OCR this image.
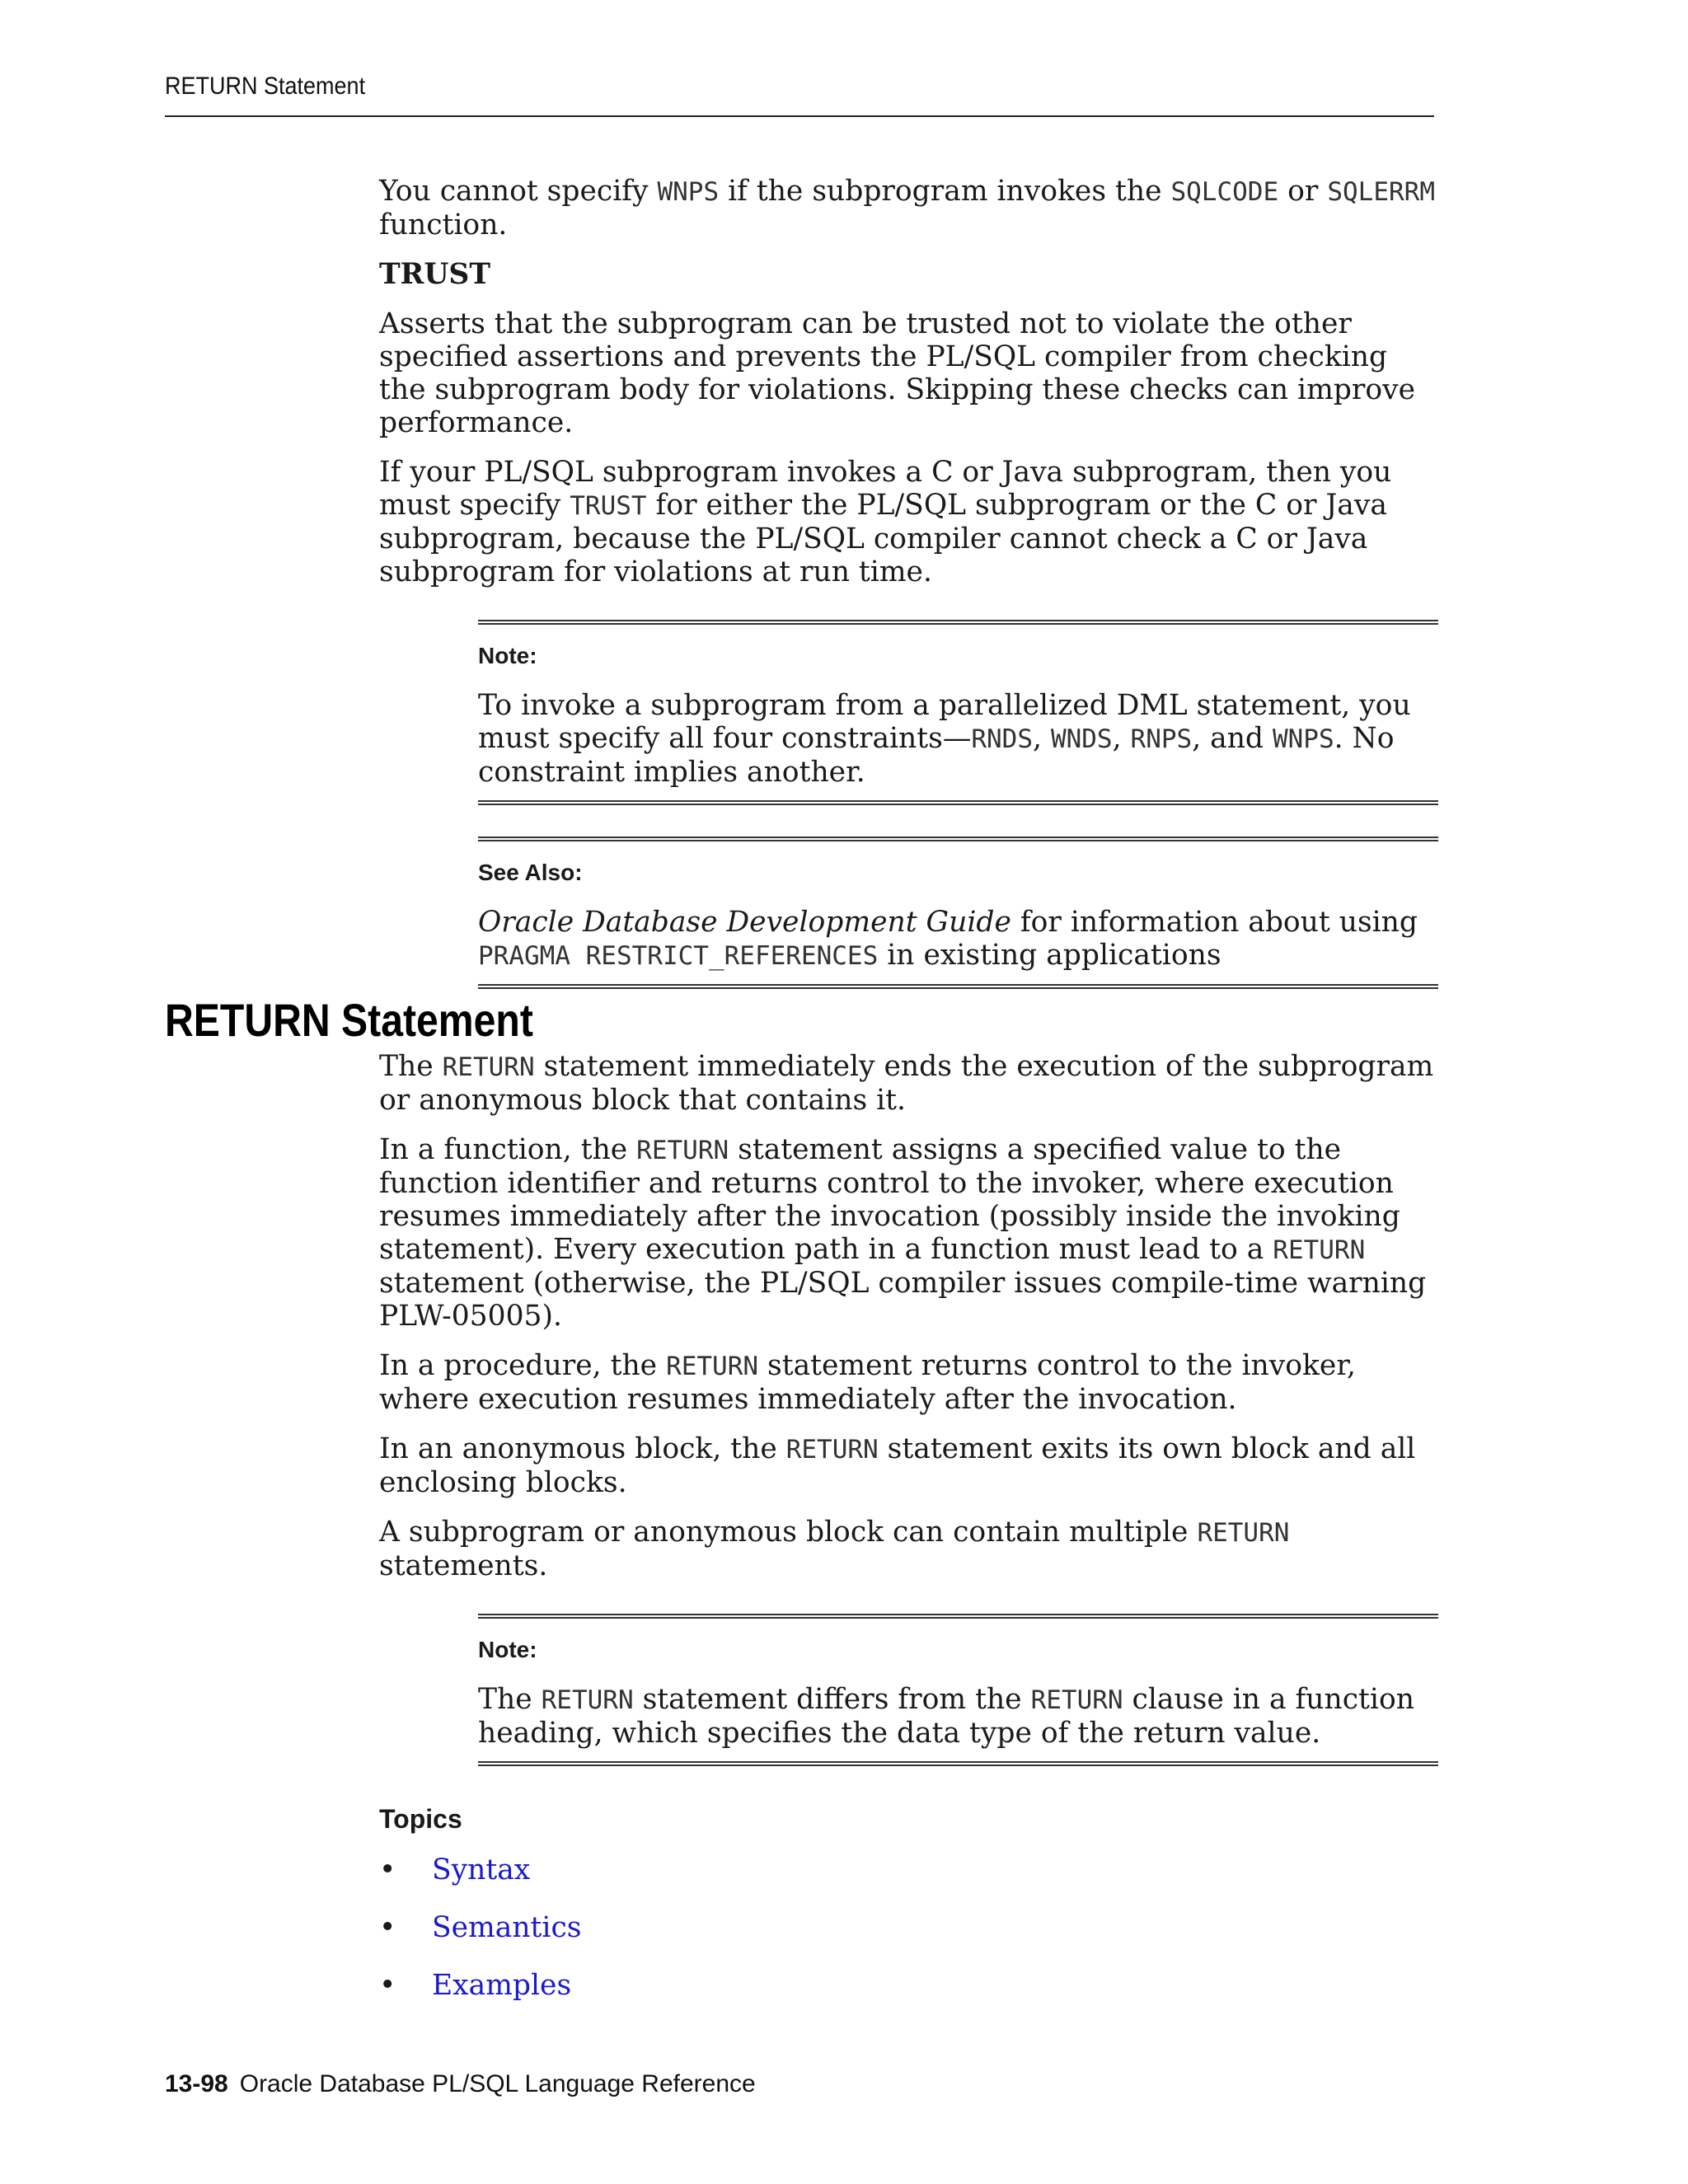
RETURN Statement

You cannot specify WNPS if the subprogram invokes the SQLCODE or SQLERRM function.

TRUST

Asserts that the subprogram can be trusted not to violate the other specified assertions and prevents the PL/SQL compiler from checking the subprogram body for violations. Skipping these checks can improve performance.

If your PL/SQL subprogram invokes a C or Java subprogram, then you must specify TRUST for either the PL/SQL subprogram or the C or Java subprogram, because the PL/SQL compiler cannot check a C or Java subprogram for violations at run time.

Note:

To invoke a subprogram from a parallelized DML statement, you must specify all four constraints—RNDS, WNDS, RNPS, and WNPS. No constraint implies another.

See Also:

Oracle Database Development Guide for information about using PRAGMA RESTRICT_REFERENCES in existing applications

RETURN Statement

The RETURN statement immediately ends the execution of the subprogram or anonymous block that contains it.

In a function, the RETURN statement assigns a specified value to the function identifier and returns control to the invoker, where execution resumes immediately after the invocation (possibly inside the invoking statement). Every execution path in a function must lead to a RETURN statement (otherwise, the PL/SQL compiler issues compile-time warning PLW-05005).

In a procedure, the RETURN statement returns control to the invoker, where execution resumes immediately after the invocation.

In an anonymous block, the RETURN statement exits its own block and all enclosing blocks.

A subprogram or anonymous block can contain multiple RETURN statements.

Note:

The RETURN statement differs from the RETURN clause in a function heading, which specifies the data type of the return value.

Topics
• Syntax
• Semantics
• Examples
13-98 Oracle Database PL/SQL Language Reference
